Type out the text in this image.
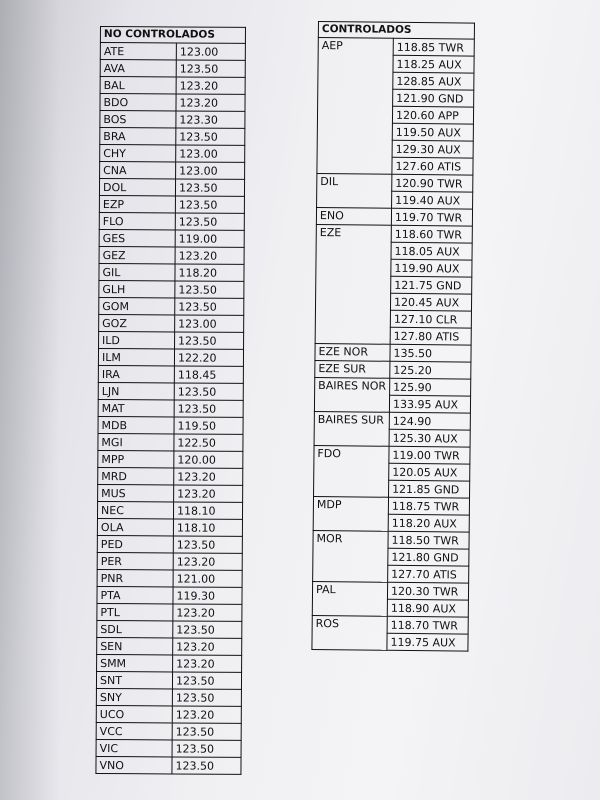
NO CONTROLADOS	
ATE	123.00
AVA	123.50
BAL	123.20
BDO	123.20
BOS	123.30
BRA	123.50
CHY	123.00
CNA	123.00
DOL	123.50
EZP	123.50
FLO	123.50
GES	119.00
GEZ	123.20
GIL	118.20
GLH	123.50
GOM	123.50
GOZ	123.00
ILD	123.50
ILM	122.20
IRA	118.45
LJN	123.50
MAT	123.50
MDB	119.50
MGI	122.50
MPP	120.00
MRD	123.20
MUS	123.20
NEC	118.10
OLA	118.10
PED	123.50
PER	123.20
PNR	121.00
PTA	119.30
PTL	123.20
SDL	123.50
SEN	123.20
SMM	123.20
SNT	123.50
SNY	123.50
UCO	123.20
VCC	123.50
VIC	123.50
VNO	123.50
CONTROLADOS	
AEP	118.85 TWR
	118.25 AUX
	128.85 AUX
	121.90 GND
	120.60 APP
	119.50 AUX
	129.30 AUX
	127.60 ATIS
DIL	120.90 TWR
	119.40 AUX
ENO	119.70 TWR
EZE	118.60 TWR
	118.05 AUX
	119.90 AUX
	121.75 GND
	120.45 AUX
	127.10 CLR
	127.80 ATIS
EZE NOR	135.50
EZE SUR	125.20
BAIRES NOR	125.90
	133.95 AUX
BAIRES SUR	124.90
	125.30 AUX
FDO	119.00 TWR
	120.05 AUX
	121.85 GND
MDP	118.75 TWR
	118.20 AUX
MOR	118.50 TWR
	121.80 GND
	127.70 ATIS
PAL	120.30 TWR
	118.90 AUX
ROS	118.70 TWR
	119.75 AUX
